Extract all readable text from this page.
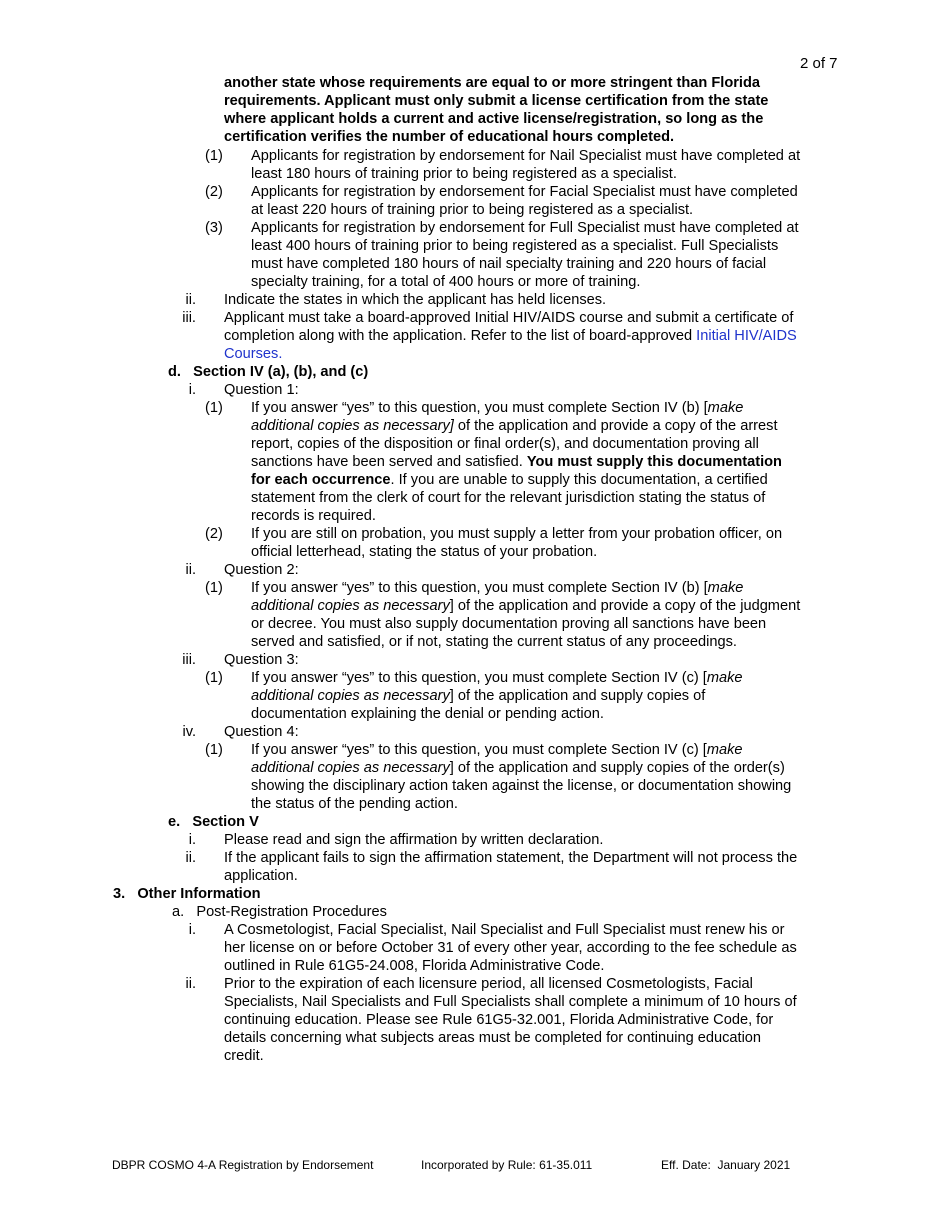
2 of 7
another state whose requirements are equal to or more stringent than Florida
requirements. Applicant must only submit a license certification from the state
where applicant holds a current and active license/registration, so long as the
certification verifies the number of educational hours completed.
(1) Applicants for registration by endorsement for Nail Specialist must have completed at
least 180 hours of training prior to being registered as a specialist.
(2) Applicants for registration by endorsement for Facial Specialist must have completed
at least 220 hours of training prior to being registered as a specialist.
(3) Applicants for registration by endorsement for Full Specialist must have completed at
least 400 hours of training prior to being registered as a specialist. Full Specialists
must have completed 180 hours of nail specialty training and 220 hours of facial
specialty training, for a total of 400 hours or more of training.
ii. Indicate the states in which the applicant has held licenses.
iii. Applicant must take a board-approved Initial HIV/AIDS course and submit a certificate of
completion along with the application. Refer to the list of board-approved Initial HIV/AIDS
Courses.
d.   Section IV (a), (b), and (c)
i. Question 1:
(1) If you answer “yes” to this question, you must complete Section IV (b) [make
additional copies as necessary] of the application and provide a copy of the arrest
report, copies of the disposition or final order(s), and documentation proving all
sanctions have been served and satisfied. You must supply this documentation
for each occurrence. If you are unable to supply this documentation, a certified
statement from the clerk of court for the relevant jurisdiction stating the status of
records is required.
(2) If you are still on probation, you must supply a letter from your probation officer, on
official letterhead, stating the status of your probation.
ii. Question 2:
(1) If you answer “yes” to this question, you must complete Section IV (b) [make
additional copies as necessary] of the application and provide a copy of the judgment
or decree. You must also supply documentation proving all sanctions have been
served and satisfied, or if not, stating the current status of any proceedings.
iii. Question 3:
(1) If you answer “yes” to this question, you must complete Section IV (c) [make
additional copies as necessary] of the application and supply copies of
documentation explaining the denial or pending action.
iv. Question 4:
(1) If you answer “yes” to this question, you must complete Section IV (c) [make
additional copies as necessary] of the application and supply copies of the order(s)
showing the disciplinary action taken against the license, or documentation showing
the status of the pending action.
e.   Section V
i. Please read and sign the affirmation by written declaration.
ii. If the applicant fails to sign the affirmation statement, the Department will not process the
application.
3.   Other Information
a.   Post-Registration Procedures
i. A Cosmetologist, Facial Specialist, Nail Specialist and Full Specialist must renew his or
her license on or before October 31 of every other year, according to the fee schedule as
outlined in Rule 61G5-24.008, Florida Administrative Code.
ii. Prior to the expiration of each licensure period, all licensed Cosmetologists, Facial
Specialists, Nail Specialists and Full Specialists shall complete a minimum of 10 hours of
continuing education. Please see Rule 61G5-32.001, Florida Administrative Code, for
details concerning what subjects areas must be completed for continuing education
credit.
DBPR COSMO 4-A Registration by Endorsement	Incorporated by Rule: 61-35.011	Eff. Date:  January 2021
